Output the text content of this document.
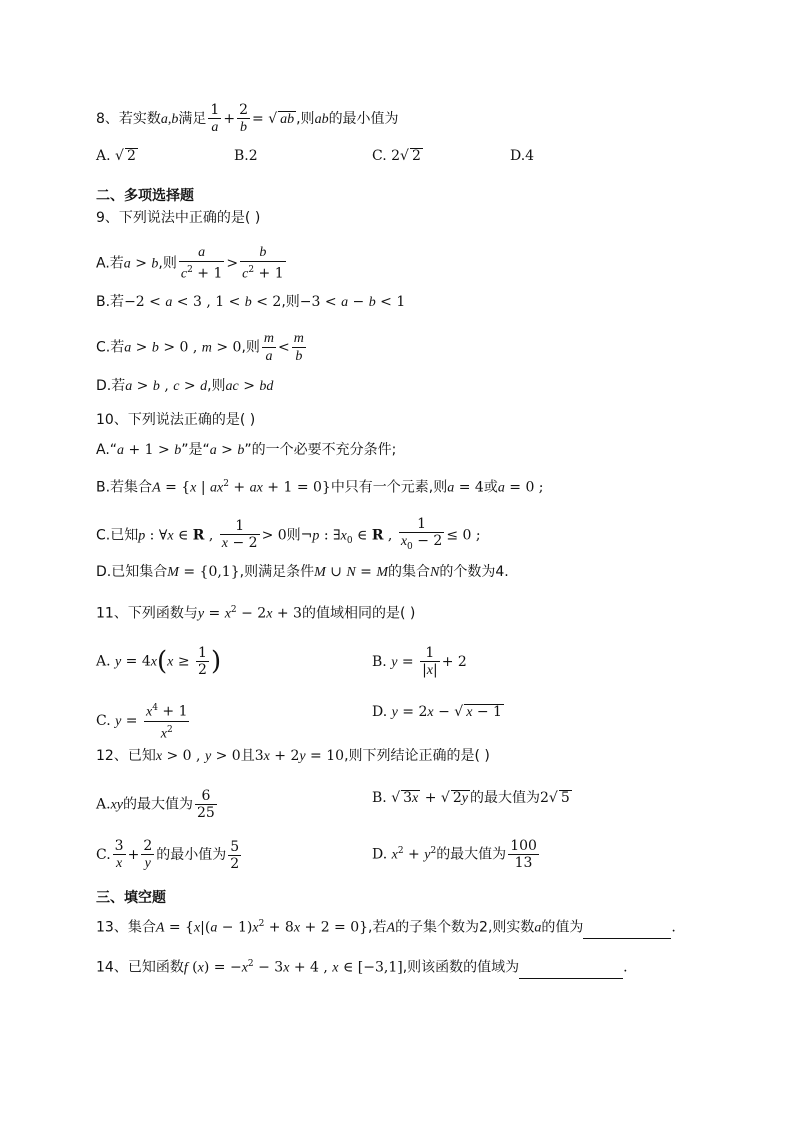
8、若实数a,b满足 $\frac{1}{a} + \frac{2}{b}$ = √ ab ,则ab的最小值为
A. √ 2	B.2	C. 2√ 2	D.4
二、多项选择题
9、下列说法中正确的是( )
A.若a > b,则 $\frac{a}{c^2 + 1} > \frac{b}{c^2 + 1}$
B.若−2 < a < 3 , 1 < b < 2,则−3 < a − b < 1
C.若a > b > 0 , m > 0,则 $\frac{m}{a} < \frac{m}{b}$
D.若a > b , c > d,则ac > bd
10、下列说法正确的是( )
A.“a + 1 > b”是“a > b”的一个必要不充分条件;
B.若集合A = {x | $ax^2$ + ax + 1 = 0}中只有一个元素,则a = 4或a = 0 ;
C.已知p : ∀x ∈ R , $\frac{1}{x - 2} > 0$则¬p : $\exists x_0$ ∈ R , $\frac{1}{x_0 - 2} \le 0$ ;
D.已知集合M = {0,1},则满足条件M ∪ N = M的集合N的个数为4.
11、下列函数与$y = x^2 - 2x + 3$的值域相同的是( )
A. $y = 4x(x \ge \frac{1}{2}$ )	B. $y = \frac{1}{|x|} + 2$
C. $y = \frac{x^4 + 1}{x^2}$	D. y = 2x − √ x − 1
12、已知x > 0 , y > 0且3x + 2y = 10,则下列结论正确的是( )
A.xy的最大值为 $\frac{6}{25}$	B. √ 3x + √ 2y 的最大值为2√ 5
C. $\frac{3}{x} + \frac{2}{y}$ 的最小值为 $\frac{5}{2}$	D. $x^2 + y^2$的最大值为 $\frac{100}{13}$
三、填空题
13、集合$A = \{x|(a - 1)x^2 + 8x + 2 = 0\}$,若A的子集个数为2,则实数a的值为	.
14、已知函数f $(x) = -x^2 - 3x + 4$ , x ∈ [−3,1],则该函数的值域为	.
